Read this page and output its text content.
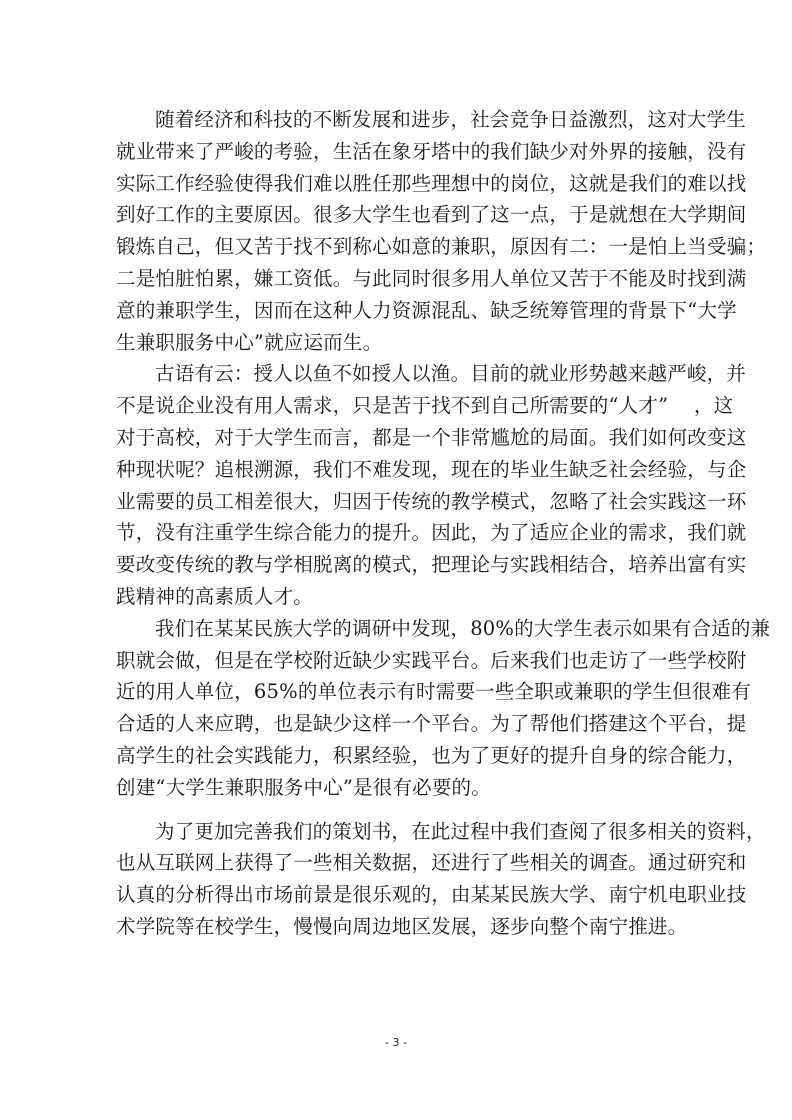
随着经济和科技的不断发展和进步，社会竞争日益激烈，这对大学生
就业带来了严峻的考验，生活在象牙塔中的我们缺少对外界的接触，没有
实际工作经验使得我们难以胜任那些理想中的岗位，这就是我们的难以找
到好工作的主要原因。很多大学生也看到了这一点，于是就想在大学期间
锻炼自己，但又苦于找不到称心如意的兼职，原因有二：一是怕上当受骗；
二是怕脏怕累，嫌工资低。与此同时很多用人单位又苦于不能及时找到满
意的兼职学生，因而在这种人力资源混乱、缺乏统筹管理的背景下“大学
生兼职服务中心”就应运而生。
古语有云：授人以鱼不如授人以渔。目前的就业形势越来越严峻，并
不是说企业没有用人需求，只是苦于找不到自己所需要的“人才”    ，这
对于高校，对于大学生而言，都是一个非常尴尬的局面。我们如何改变这
种现状呢？追根溯源，我们不难发现，现在的毕业生缺乏社会经验，与企
业需要的员工相差很大，归因于传统的教学模式，忽略了社会实践这一环
节，没有注重学生综合能力的提升。因此，为了适应企业的需求，我们就
要改变传统的教与学相脱离的模式，把理论与实践相结合，培养出富有实
践精神的高素质人才。
我们在某某民族大学的调研中发现，80%的大学生表示如果有合适的兼
职就会做，但是在学校附近缺少实践平台。后来我们也走访了一些学校附
近的用人单位，65%的单位表示有时需要一些全职或兼职的学生但很难有
合适的人来应聘，也是缺少这样一个平台。为了帮他们搭建这个平台，提
高学生的社会实践能力，积累经验，也为了更好的提升自身的综合能力，
创建“大学生兼职服务中心”是很有必要的。
为了更加完善我们的策划书，在此过程中我们查阅了很多相关的资料，
也从互联网上获得了一些相关数据，还进行了些相关的调查。通过研究和
认真的分析得出市场前景是很乐观的，由某某民族大学、南宁机电职业技
术学院等在校学生，慢慢向周边地区发展，逐步向整个南宁推进。
- 3 -
